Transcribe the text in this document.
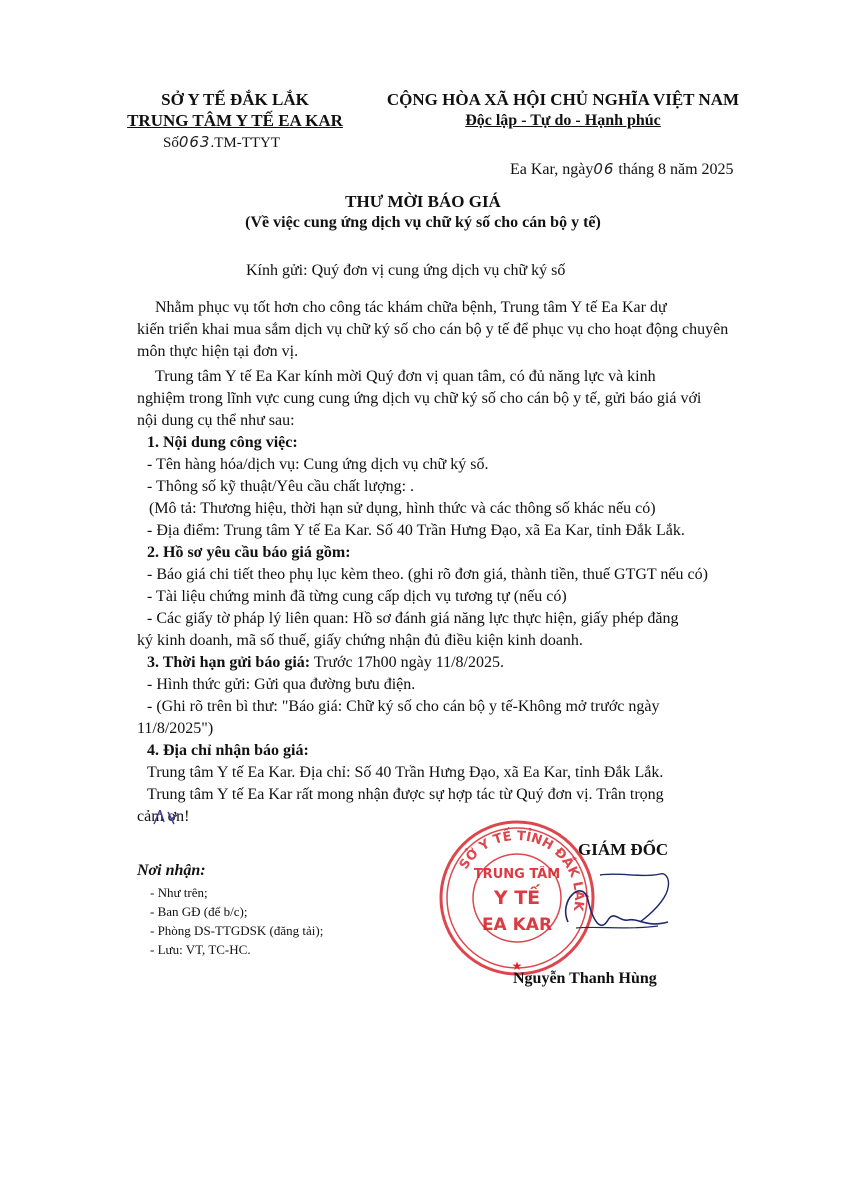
SỞ Y TẾ ĐẮK LẮK
TRUNG TÂM Y TẾ EA KAR
Số063.TM-TTYT
CỘNG HÒA XÃ HỘI CHỦ NGHĨA VIỆT NAM
Độc lập - Tự do - Hạnh phúc
Ea Kar, ngày06 tháng 8 năm 2025
THƯ MỜI BÁO GIÁ
(Về việc cung ứng dịch vụ chữ ký số cho cán bộ y tế)
Kính gửi: Quý đơn vị cung ứng dịch vụ chữ ký số
Nhằm phục vụ tốt hơn cho công tác khám chữa bệnh, Trung tâm Y tế Ea Kar dự
kiến triển khai mua sắm dịch vụ chữ ký số cho cán bộ y tế để phục vụ cho hoạt động chuyên
môn thực hiện tại đơn vị.
Trung tâm Y tế Ea Kar kính mời Quý đơn vị quan tâm, có đủ năng lực và kinh
nghiệm trong lĩnh vực cung cung ứng dịch vụ chữ ký số cho cán bộ y tế, gửi báo giá với
nội dung cụ thể như sau:
1. Nội dung công việc:
- Tên hàng hóa/dịch vụ: Cung ứng dịch vụ chữ ký số.
- Thông số kỹ thuật/Yêu cầu chất lượng: .
(Mô tả: Thương hiệu, thời hạn sử dụng, hình thức và các thông số khác nếu có)
- Địa điểm: Trung tâm Y tế Ea Kar. Số 40 Trần Hưng Đạo, xã Ea Kar, tỉnh Đắk Lắk.
2. Hồ sơ yêu cầu báo giá gồm:
- Báo giá chi tiết theo phụ lục kèm theo. (ghi rõ đơn giá, thành tiền, thuế GTGT nếu có)
- Tài liệu chứng minh đã từng cung cấp dịch vụ tương tự (nếu có)
- Các giấy tờ pháp lý liên quan: Hồ sơ đánh giá năng lực thực hiện, giấy phép đăng
ký kinh doanh, mã số thuế, giấy chứng nhận đủ điều kiện kinh doanh.
3. Thời hạn gửi báo giá: Trước 17h00 ngày 11/8/2025.
- Hình thức gửi: Gửi qua đường bưu điện.
- (Ghi rõ trên bì thư: "Báo giá: Chữ ký số cho cán bộ y tế-Không mở trước ngày
11/8/2025")
4. Địa chỉ nhận báo giá:
Trung tâm Y tế Ea Kar. Địa chỉ: Số 40 Trần Hưng Đạo, xã Ea Kar, tỉnh Đắk Lắk.
Trung tâm Y tế Ea Kar rất mong nhận được sự hợp tác từ Quý đơn vị. Trân trọng
cảm ơn!
Nơi nhận:
- Như trên;
- Ban GĐ (để b/c);
- Phòng DS-TTGDSK (đăng tải);
- Lưu: VT, TC-HC.
GIÁM ĐỐC
SỞ Y TẾ TỈNH ĐẮK LẮK
TRUNG TÂM
Y TẾ
EA KAR
★
Nguyễn Thanh Hùng
